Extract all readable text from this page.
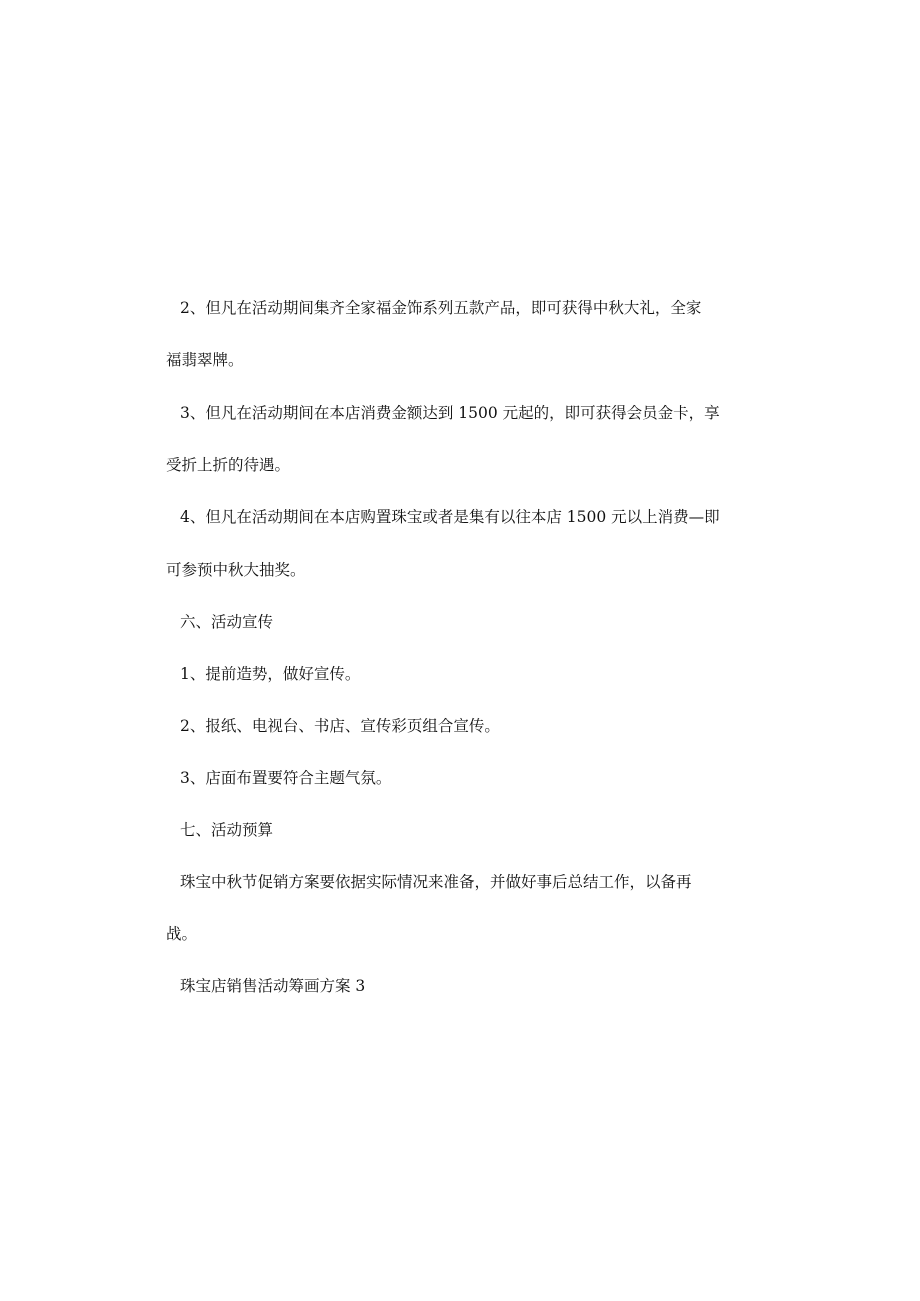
2、但凡在活动期间集齐全家福金饰系列五款产品，即可获得中秋大礼，全家
福翡翠牌。
3、但凡在活动期间在本店消费金额达到 1500 元起的，即可获得会员金卡，享
受折上折的待遇。
4、但凡在活动期间在本店购置珠宝或者是集有以往本店 1500 元以上消费—即
可参预中秋大抽奖。
六、活动宣传
1、提前造势，做好宣传。
2、报纸、电视台、书店、宣传彩页组合宣传。
3、店面布置要符合主题气氛。
七、活动预算
珠宝中秋节促销方案要依据实际情况来准备，并做好事后总结工作，以备再
战。
珠宝店销售活动筹画方案 3
